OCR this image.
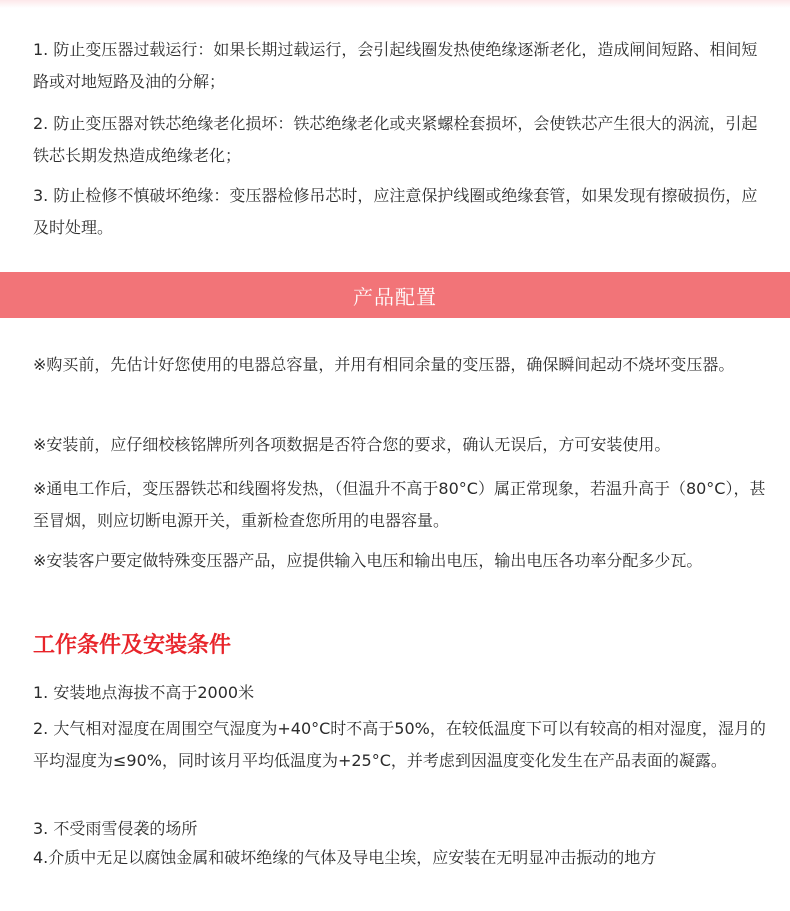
1. 防止变压器过载运行：如果长期过载运行，会引起线圈发热使绝缘逐渐老化，造成闸间短路、相间短路或对地短路及油的分解；

2. 防止变压器对铁芯绝缘老化损坏：铁芯绝缘老化或夹紧螺栓套损坏，会使铁芯产生很大的涡流，引起铁芯长期发热造成绝缘老化；

3. 防止检修不慎破坏绝缘：变压器检修吊芯时，应注意保护线圈或绝缘套管，如果发现有擦破损伤，应及时处理。

产品配置

※购买前，先估计好您使用的电器总容量，并用有相同余量的变压器，确保瞬间起动不烧坏变压器。

※安装前，应仔细校核铭牌所列各项数据是否符合您的要求，确认无误后，方可安装使用。

※通电工作后，变压器铁芯和线圈将发热，（但温升不高于80°C）属正常现象，若温升高于（80°C），甚至冒烟，则应切断电源开关，重新检查您所用的电器容量。

※安装客户要定做特殊变压器产品，应提供输入电压和输出电压，输出电压各功率分配多少瓦。

工作条件及安装条件

1. 安装地点海拔不高于2000米

2. 大气相对湿度在周围空气湿度为+40°C时不高于50%，在较低温度下可以有较高的相对湿度，湿月的平均湿度为≤90%，同时该月平均低温度为+25°C，并考虑到因温度变化发生在产品表面的凝露。

3. 不受雨雪侵袭的场所

4.介质中无足以腐蚀金属和破坏绝缘的气体及导电尘埃，应安装在无明显冲击振动的地方
